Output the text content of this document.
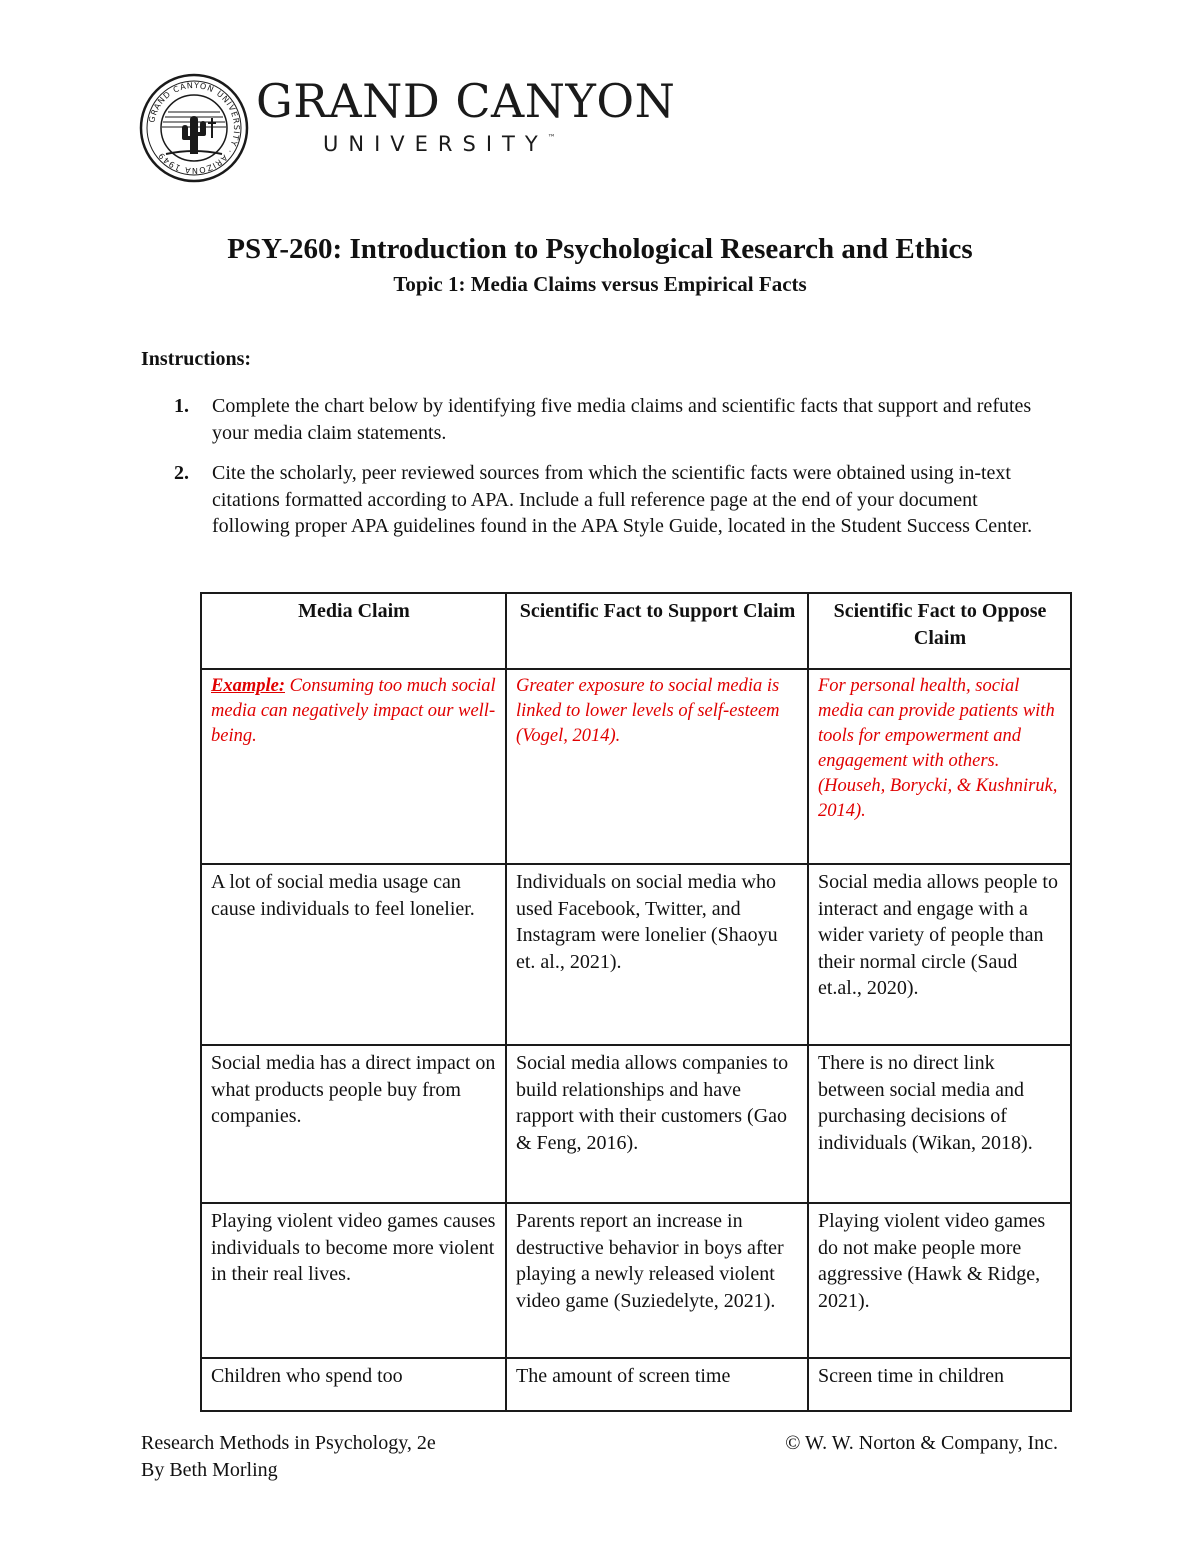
GRAND CANYON UNIVERSITY · ARIZONA 1949
GRAND CANYON
UNIVERSITY™
PSY-260: Introduction to Psychological Research and Ethics
Topic 1: Media Claims versus Empirical Facts
Instructions:
1. Complete the chart below by identifying five media claims and scientific facts that support and refutes your media claim statements.
2. Cite the scholarly, peer reviewed sources from which the scientific facts were obtained using in-text citations formatted according to APA. Include a full reference page at the end of your document following proper APA guidelines found in the APA Style Guide, located in the Student Success Center.
Media Claim	Scientific Fact to Support Claim	Scientific Fact to Oppose Claim
Example: Consuming too much social media can negatively impact our well-being.	Greater exposure to social media is linked to lower levels of self-esteem (Vogel, 2014).	For personal health, social media can provide patients with tools for empowerment and engagement with others. (Househ, Borycki, & Kushniruk, 2014).
A lot of social media usage can cause individuals to feel lonelier.	Individuals on social media who used Facebook, Twitter, and Instagram were lonelier (Shaoyu et. al., 2021).	Social media allows people to interact and engage with a wider variety of people than their normal circle (Saud et.al., 2020).
Social media has a direct impact on what products people buy from companies.	Social media allows companies to build relationships and have rapport with their customers (Gao & Feng, 2016).	There is no direct link between social media and purchasing decisions of individuals (Wikan, 2018).
Playing violent video games causes individuals to become more violent in their real lives.	Parents report an increase in destructive behavior in boys after playing a newly released violent video game (Suziedelyte, 2021).	Playing violent video games do not make people more aggressive (Hawk & Ridge, 2021).
Children who spend too	The amount of screen time	Screen time in children
Research Methods in Psychology, 2e
By Beth Morling
© W. W. Norton & Company, Inc.
